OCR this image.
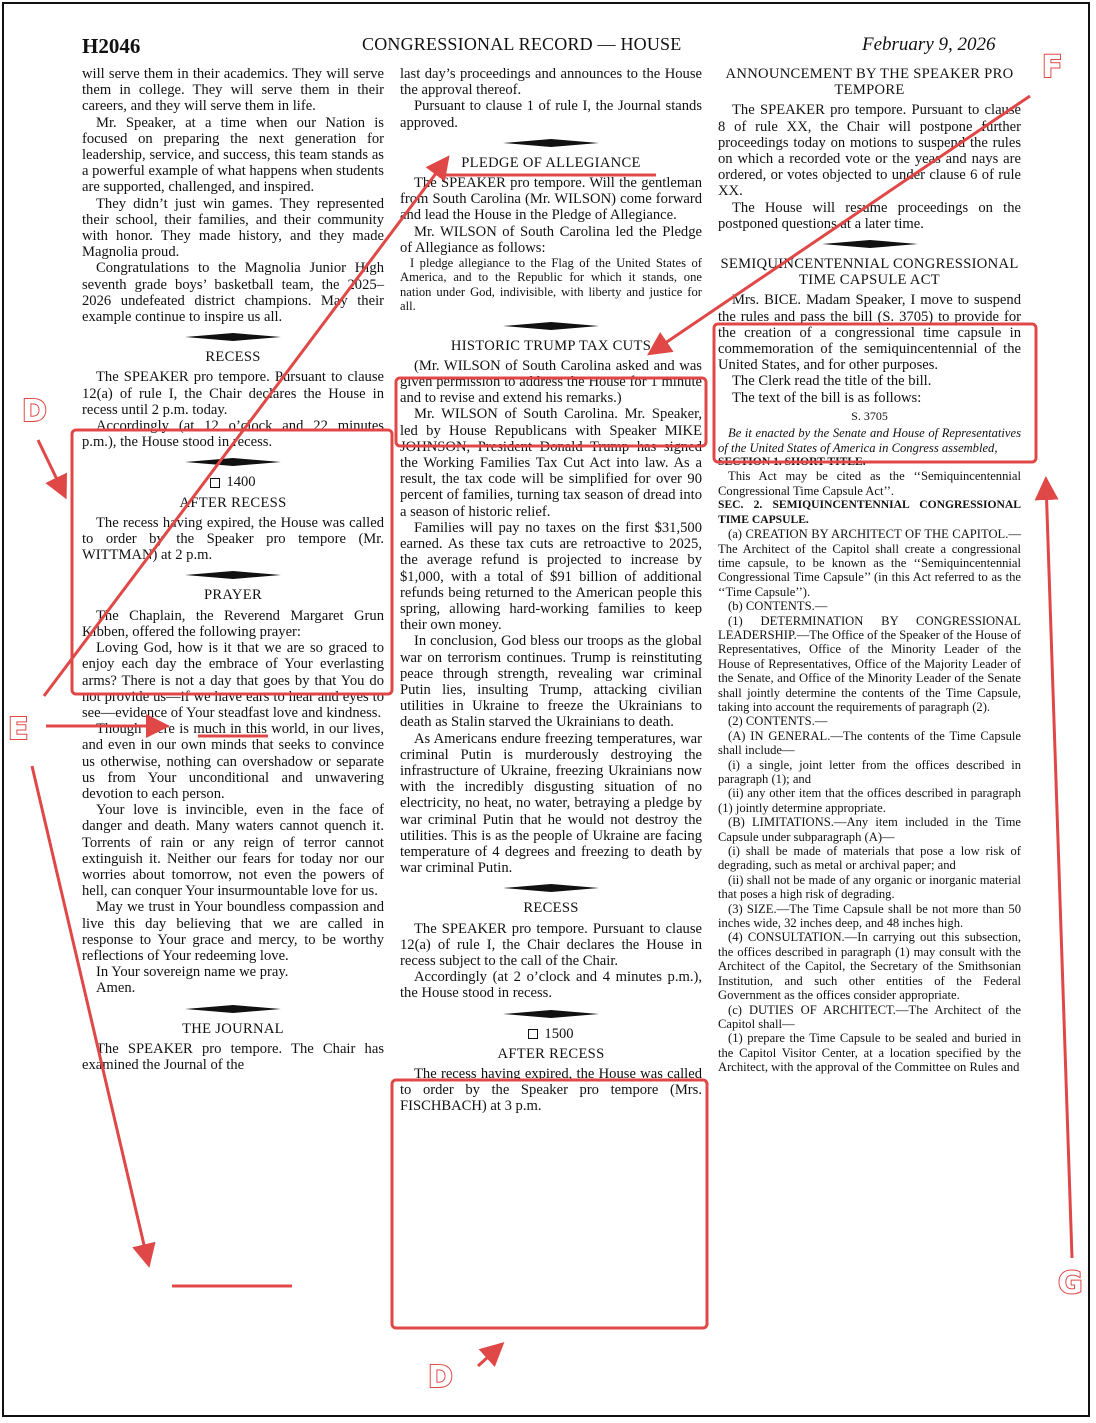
H2046	CONGRESSIONAL RECORD — HOUSE	February 9, 2026

will serve them in their academics. They will serve them in college. They will serve them in their careers, and they will serve them in life.

Mr. Speaker, at a time when our Nation is focused on preparing the next generation for leadership, service, and success, this team stands as a powerful example of what happens when students are supported, challenged, and inspired.

They didn’t just win games. They represented their school, their families, and their community with honor. They made history, and they made Magnolia proud.

Congratulations to the Magnolia Junior High seventh grade boys’ basketball team, the 2025–2026 undefeated district champions. May their example continue to inspire us all.

RECESS

The SPEAKER pro tempore. Pursuant to clause 12(a) of rule I, the Chair declares the House in recess until 2 p.m. today.

Accordingly (at 12 o’clock and 22 minutes p.m.), the House stood in recess.

1400
AFTER RECESS

The recess having expired, the House was called to order by the Speaker pro tempore (Mr. WITTMAN) at 2 p.m.

PRAYER

The Chaplain, the Reverend Margaret Grun Kibben, offered the following prayer:

Loving God, how is it that we are so graced to enjoy each day the embrace of Your everlasting arms? There is not a day that goes by that You do not provide us—if we have ears to hear and eyes to see—evidence of Your steadfast love and kindness.

Though there is much in this world, in our lives, and even in our own minds that seeks to convince us otherwise, nothing can overshadow or separate us from Your unconditional and unwavering devotion to each person.

Your love is invincible, even in the face of danger and death. Many waters cannot quench it. Torrents of rain or any reign of terror cannot extinguish it. Neither our fears for today nor our worries about tomorrow, not even the powers of hell, can conquer Your insurmountable love for us.

May we trust in Your boundless compassion and live this day believing that we are called in response to Your grace and mercy, to be worthy reflections of Your redeeming love.

In Your sovereign name we pray.

Amen.

THE JOURNAL

The SPEAKER pro tempore. The Chair has examined the Journal of the

last day’s proceedings and announces to the House the approval thereof.

Pursuant to clause 1 of rule I, the Journal stands approved.

PLEDGE OF ALLEGIANCE

The SPEAKER pro tempore. Will the gentleman from South Carolina (Mr. WILSON) come forward and lead the House in the Pledge of Allegiance.

Mr. WILSON of South Carolina led the Pledge of Allegiance as follows:

I pledge allegiance to the Flag of the United States of America, and to the Republic for which it stands, one nation under God, indivisible, with liberty and justice for all.

HISTORIC TRUMP TAX CUTS

(Mr. WILSON of South Carolina asked and was given permission to address the House for 1 minute and to revise and extend his remarks.)

Mr. WILSON of South Carolina. Mr. Speaker, led by House Republicans with Speaker MIKE JOHNSON, President Donald Trump has signed the Working Families Tax Cut Act into law. As a result, the tax code will be simplified for over 90 percent of families, turning tax season of dread into a season of historic relief.

Families will pay no taxes on the first $31,500 earned. As these tax cuts are retroactive to 2025, the average refund is projected to increase by $1,000, with a total of $91 billion of additional refunds being returned to the American people this spring, allowing hard-working families to keep their own money.

In conclusion, God bless our troops as the global war on terrorism continues. Trump is reinstituting peace through strength, revealing war criminal Putin lies, insulting Trump, attacking civilian utilities in Ukraine to freeze the Ukrainians to death as Stalin starved the Ukrainians to death.

As Americans endure freezing temperatures, war criminal Putin is murderously destroying the infrastructure of Ukraine, freezing Ukrainians now with the incredibly disgusting situation of no electricity, no heat, no water, betraying a pledge by war criminal Putin that he would not destroy the utilities. This is as the people of Ukraine are facing temperature of 4 degrees and freezing to death by war criminal Putin.

RECESS

The SPEAKER pro tempore. Pursuant to clause 12(a) of rule I, the Chair declares the House in recess subject to the call of the Chair.

Accordingly (at 2 o’clock and 4 minutes p.m.), the House stood in recess.

1500
AFTER RECESS

The recess having expired, the House was called to order by the Speaker pro tempore (Mrs. FISCHBACH) at 3 p.m.

ANNOUNCEMENT BY THE SPEAKER PRO TEMPORE

The SPEAKER pro tempore. Pursuant to clause 8 of rule XX, the Chair will postpone further proceedings today on motions to suspend the rules on which a recorded vote or the yeas and nays are ordered, or votes objected to under clause 6 of rule XX.

The House will resume proceedings on the postponed questions at a later time.

SEMIQUINCENTENNIAL CONGRESSIONAL TIME CAPSULE ACT

Mrs. BICE. Madam Speaker, I move to suspend the rules and pass the bill (S. 3705) to provide for the creation of a congressional time capsule in commemoration of the semiquincentennial of the United States, and for other purposes.

The Clerk read the title of the bill.

The text of the bill is as follows:

S. 3705

Be it enacted by the Senate and House of Representatives of the United States of America in Congress assembled,

SECTION 1. SHORT TITLE.

This Act may be cited as the ‘‘Semiquincentennial Congressional Time Capsule Act’’.

SEC. 2. SEMIQUINCENTENNIAL CONGRESSIONAL TIME CAPSULE.

(a) CREATION BY ARCHITECT OF THE CAPITOL.—The Architect of the Capitol shall create a congressional time capsule, to be known as the ‘‘Semiquincentennial Congressional Time Capsule’’ (in this Act referred to as the ‘‘Time Capsule’’).

(b) CONTENTS.—

(1) DETERMINATION BY CONGRESSIONAL LEADERSHIP.—The Office of the Speaker of the House of Representatives, Office of the Minority Leader of the House of Representatives, Office of the Majority Leader of the Senate, and Office of the Minority Leader of the Senate shall jointly determine the contents of the Time Capsule, taking into account the requirements of paragraph (2).

(2) CONTENTS.—

(A) IN GENERAL.—The contents of the Time Capsule shall include—

(i) a single, joint letter from the offices described in paragraph (1); and

(ii) any other item that the offices described in paragraph (1) jointly determine appropriate.

(B) LIMITATIONS.—Any item included in the Time Capsule under subparagraph (A)—

(i) shall be made of materials that pose a low risk of degrading, such as metal or archival paper; and

(ii) shall not be made of any organic or inorganic material that poses a high risk of degrading.

(3) SIZE.—The Time Capsule shall be not more than 50 inches wide, 32 inches deep, and 48 inches high.

(4) CONSULTATION.—In carrying out this subsection, the offices described in paragraph (1) may consult with the Architect of the Capitol, the Secretary of the Smithsonian Institution, and such other entities of the Federal Government as the offices consider appropriate.

(c) DUTIES OF ARCHITECT.—The Architect of the Capitol shall—

(1) prepare the Time Capsule to be sealed and buried in the Capitol Visitor Center, at a location specified by the Architect, with the approval of the Committee on Rules and

D
D
E
F
G
